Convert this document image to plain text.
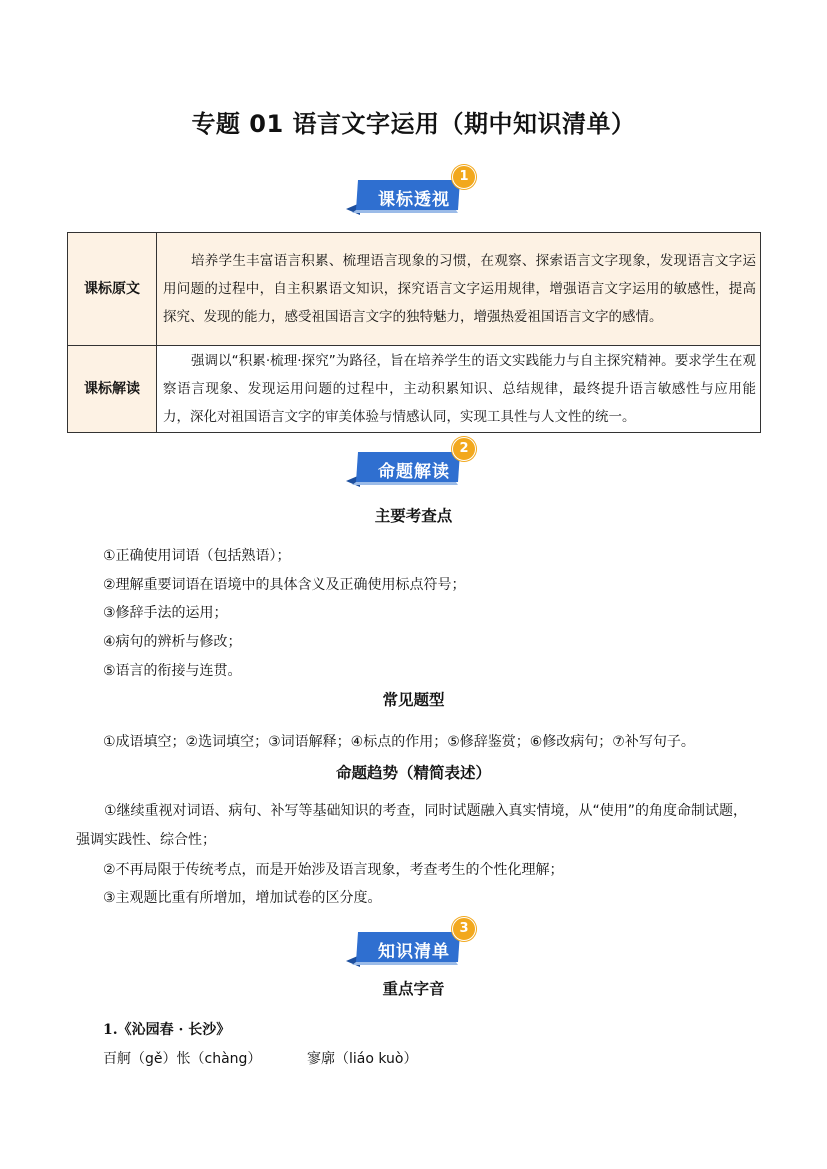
专题 01 语言文字运用（期中知识清单）
课标透视
1
课标原文	培养学生丰富语言积累、梳理语言现象的习惯，在观察、探索语言文字现象，发现语言文字运用问题的过程中，自主积累语文知识，探究语言文字运用规律，增强语言文字运用的敏感性，提高探究、发现的能力，感受祖国语言文字的独特魅力，增强热爱祖国语言文字的感情。

课标解读	强调以“积累·梳理·探究”为路径，旨在培养学生的语文实践能力与自主探究精神。要求学生在观察语言现象、发现运用问题的过程中，主动积累知识、总结规律，最终提升语言敏感性与应用能力，深化对祖国语言文字的审美体验与情感认同，实现工具性与人文性的统一。

命题解读
2
主要考查点
①正确使用词语（包括熟语）；
②理解重要词语在语境中的具体含义及正确使用标点符号；
③修辞手法的运用；
④病句的辨析与修改；
⑤语言的衔接与连贯。
常见题型
①成语填空；②选词填空；③词语解释；④标点的作用；⑤修辞鉴赏；⑥修改病句；⑦补写句子。
命题趋势（精简表述）
①继续重视对词语、病句、补写等基础知识的考查，同时试题融入真实情境，从“使用”的角度命制试题，强调实践性、综合性；
②不再局限于传统考点，而是开始涉及语言现象，考查考生的个性化理解；
③主观题比重有所增加，增加试卷的区分度。
知识清单
3
重点字音
1.《沁园春 · 长沙》
百舸（gě）怅（chàng）	寥廓（liáo kuò）
